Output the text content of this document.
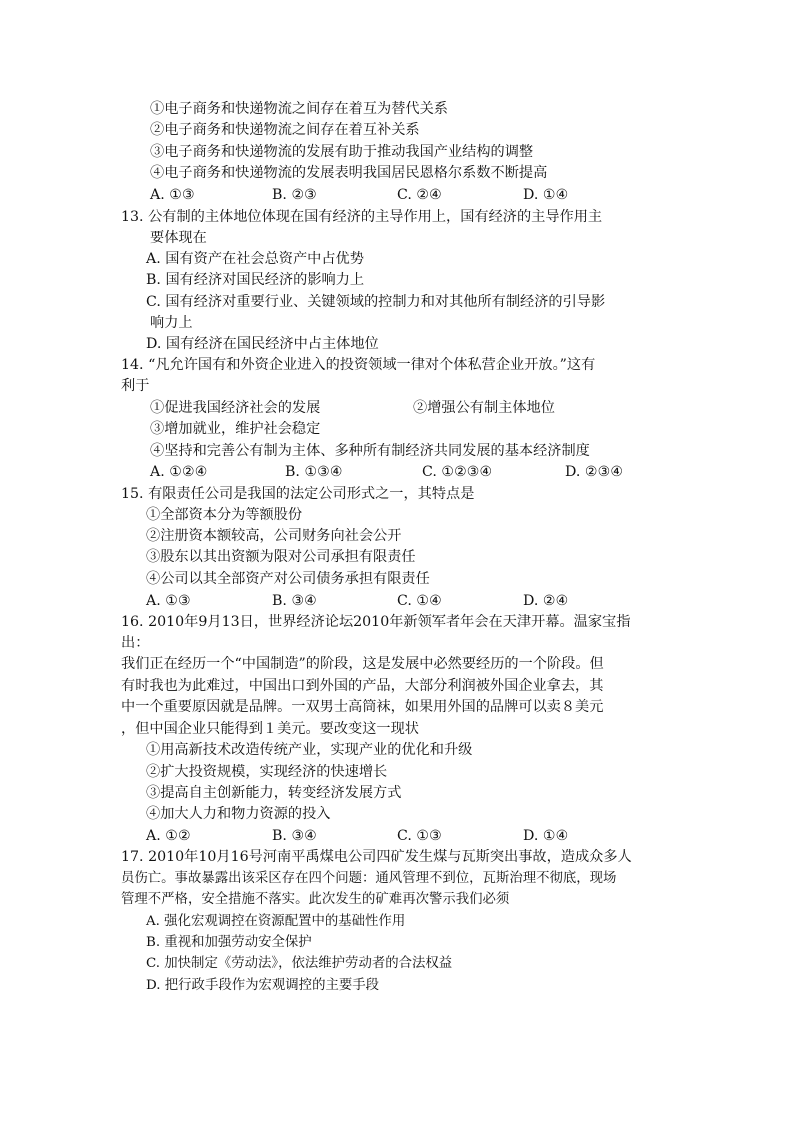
①电子商务和快递物流之间存在着互为替代关系
②电子商务和快递物流之间存在着互补关系
③电子商务和快递物流的发展有助于推动我国产业结构的调整
④电子商务和快递物流的发展表明我国居民恩格尔系数不断提高
A. ①③	B. ②③	C. ②④	D. ①④
13. 公有制的主体地位体现在国有经济的主导作用上，国有经济的主导作用主
要体现在
A. 国有资产在社会总资产中占优势
B. 国有经济对国民经济的影响力上
C. 国有经济对重要行业、关键领域的控制力和对其他所有制经济的引导影
响力上
D. 国有经济在国民经济中占主体地位
14. “凡允许国有和外资企业进入的投资领域一律对个体私营企业开放。”这有
利于
①促进我国经济社会的发展	②增强公有制主体地位
③增加就业，维护社会稳定
④坚持和完善公有制为主体、多种所有制经济共同发展的基本经济制度
A. ①②④	B. ①③④	C. ①②③④	D. ②③④
15. 有限责任公司是我国的法定公司形式之一，其特点是
①全部资本分为等额股份
②注册资本额较高，公司财务向社会公开
③股东以其出资额为限对公司承担有限责任
④公司以其全部资产对公司债务承担有限责任
A. ①③	B. ③④	C. ①④	D. ②④
16. 2010年9月13日，世界经济论坛2010年新领军者年会在天津开幕。温家宝指
出：
我们正在经历一个“中国制造”的阶段，这是发展中必然要经历的一个阶段。但
有时我也为此难过，中国出口到外国的产品，大部分利润被外国企业拿去，其
中一个重要原因就是品牌。一双男士高筒袜，如果用外国的品牌可以卖８美元
，但中国企业只能得到１美元。要改变这一现状
①用高新技术改造传统产业，实现产业的优化和升级
②扩大投资规模，实现经济的快速增长
③提高自主创新能力，转变经济发展方式
④加大人力和物力资源的投入
A. ①②	B. ③④	C. ①③	D. ①④
17. 2010年10月16号河南平禹煤电公司四矿发生煤与瓦斯突出事故，造成众多人
员伤亡。事故暴露出该采区存在四个问题：通风管理不到位，瓦斯治理不彻底，现场
管理不严格，安全措施不落实。此次发生的矿难再次警示我们必须
A. 强化宏观调控在资源配置中的基础性作用
B. 重视和加强劳动安全保护
C. 加快制定《劳动法》，依法维护劳动者的合法权益
D. 把行政手段作为宏观调控的主要手段
